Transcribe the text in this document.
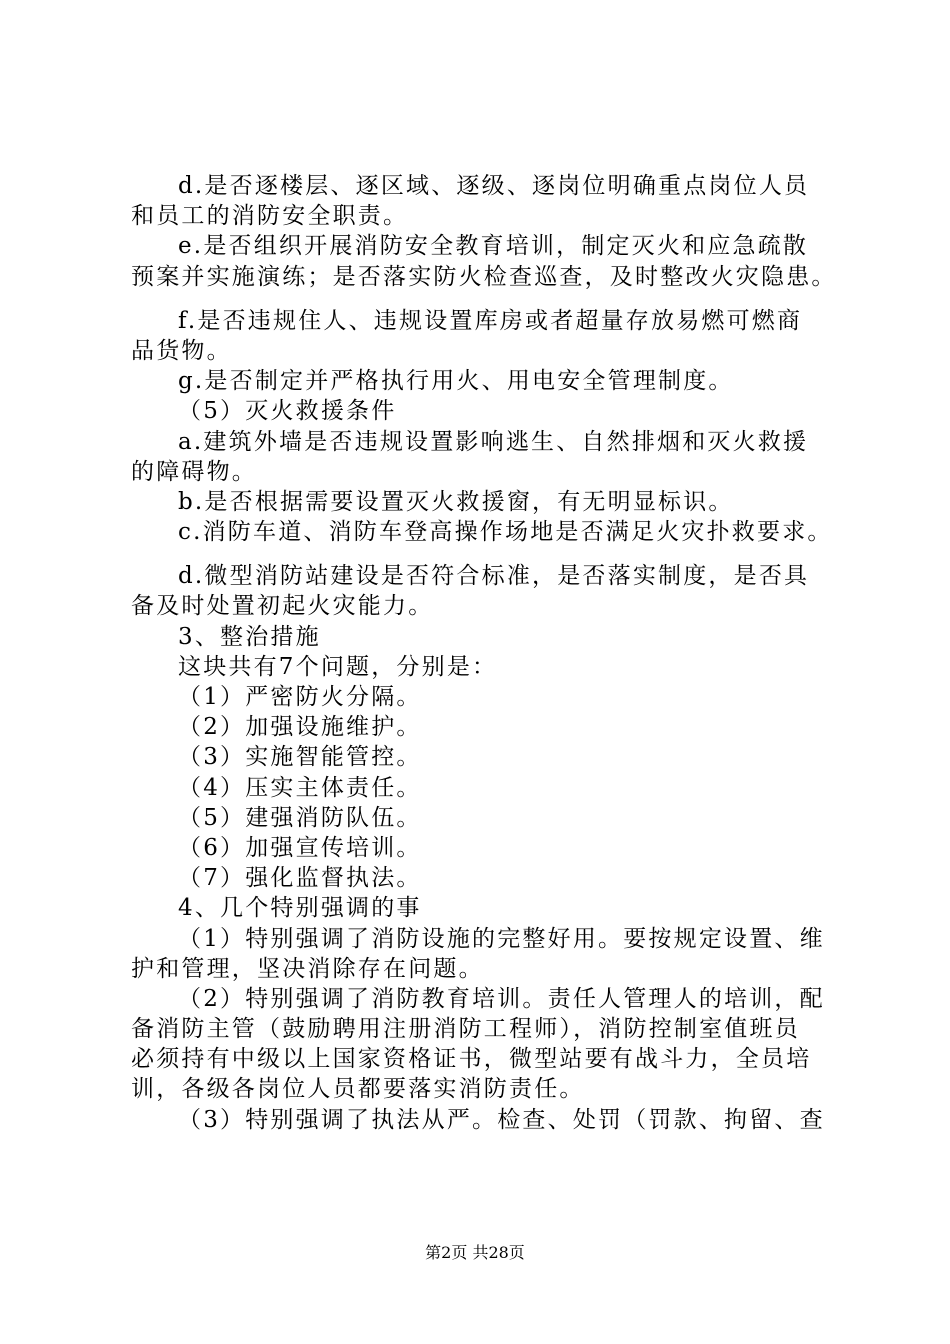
d.是否逐楼层、逐区域、逐级、逐岗位明确重点岗位人员
和员工的消防安全职责。
e.是否组织开展消防安全教育培训，制定灭火和应急疏散
预案并实施演练；是否落实防火检查巡查，及时整改火灾隐患。
f.是否违规住人、违规设置库房或者超量存放易燃可燃商
品货物。
g.是否制定并严格执行用火、用电安全管理制度。
（5）灭火救援条件
a.建筑外墙是否违规设置影响逃生、自然排烟和灭火救援
的障碍物。
b.是否根据需要设置灭火救援窗，有无明显标识。
c.消防车道、消防车登高操作场地是否满足火灾扑救要求。
d.微型消防站建设是否符合标准，是否落实制度，是否具
备及时处置初起火灾能力。
3、整治措施
这块共有7个问题，分别是：
（1）严密防火分隔。
（2）加强设施维护。
（3）实施智能管控。
（4）压实主体责任。
（5）建强消防队伍。
（6）加强宣传培训。
（7）强化监督执法。
4、几个特别强调的事
（1）特别强调了消防设施的完整好用。要按规定设置、维
护和管理，坚决消除存在问题。
（2）特别强调了消防教育培训。责任人管理人的培训，配
备消防主管（鼓励聘用注册消防工程师），消防控制室值班员
必须持有中级以上国家资格证书，微型站要有战斗力，全员培
训，各级各岗位人员都要落实消防责任。
（3）特别强调了执法从严。检查、处罚（罚款、拘留、查
第2页 共28页
